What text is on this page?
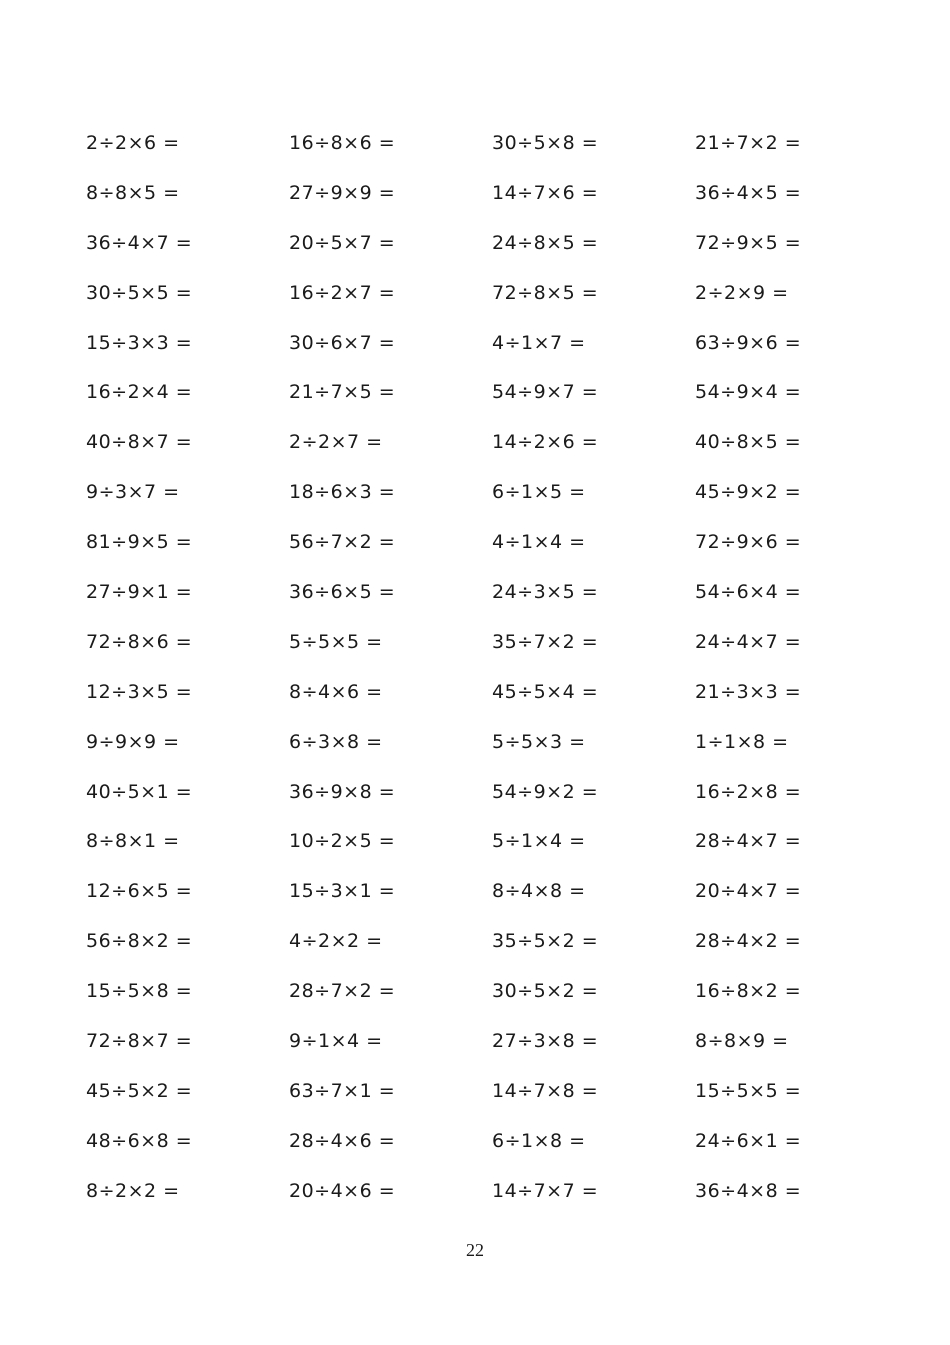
2÷2×6 =	16÷8×6 =	30÷5×8 =	21÷7×2 =
8÷8×5 =	27÷9×9 =	14÷7×6 =	36÷4×5 =
36÷4×7 =	20÷5×7 =	24÷8×5 =	72÷9×5 =
30÷5×5 =	16÷2×7 =	72÷8×5 =	2÷2×9 =
15÷3×3 =	30÷6×7 =	4÷1×7 =	63÷9×6 =
16÷2×4 =	21÷7×5 =	54÷9×7 =	54÷9×4 =
40÷8×7 =	2÷2×7 =	14÷2×6 =	40÷8×5 =
9÷3×7 =	18÷6×3 =	6÷1×5 =	45÷9×2 =
81÷9×5 =	56÷7×2 =	4÷1×4 =	72÷9×6 =
27÷9×1 =	36÷6×5 =	24÷3×5 =	54÷6×4 =
72÷8×6 =	5÷5×5 =	35÷7×2 =	24÷4×7 =
12÷3×5 =	8÷4×6 =	45÷5×4 =	21÷3×3 =
9÷9×9 =	6÷3×8 =	5÷5×3 =	1÷1×8 =
40÷5×1 =	36÷9×8 =	54÷9×2 =	16÷2×8 =
8÷8×1 =	10÷2×5 =	5÷1×4 =	28÷4×7 =
12÷6×5 =	15÷3×1 =	8÷4×8 =	20÷4×7 =
56÷8×2 =	4÷2×2 =	35÷5×2 =	28÷4×2 =
15÷5×8 =	28÷7×2 =	30÷5×2 =	16÷8×2 =
72÷8×7 =	9÷1×4 =	27÷3×8 =	8÷8×9 =
45÷5×2 =	63÷7×1 =	14÷7×8 =	15÷5×5 =
48÷6×8 =	28÷4×6 =	6÷1×8 =	24÷6×1 =
8÷2×2 =	20÷4×6 =	14÷7×7 =	36÷4×8 =
22
